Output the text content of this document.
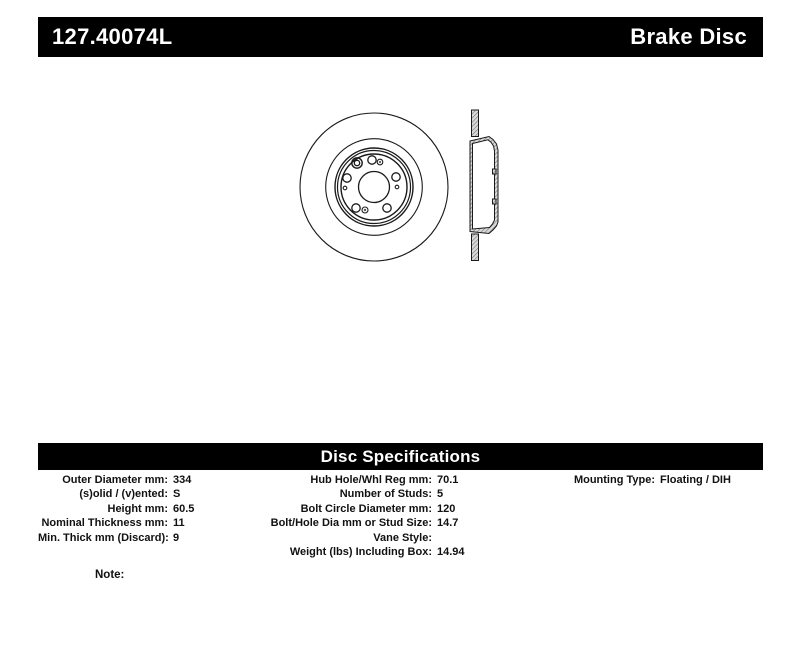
127.40074L	Brake Disc
Disc Specifications
Outer Diameter mm: 334
(s)olid / (v)ented: S
Height mm: 60.5
Nominal Thickness mm: 11
Min. Thick mm (Discard): 9
Hub Hole/Whl Reg mm: 70.1
Number of Studs: 5
Bolt Circle Diameter mm: 120
Bolt/Hole Dia mm or Stud Size: 14.7
Vane Style:
Weight (lbs) Including Box: 14.94
Mounting Type: Floating / DIH
Note:
